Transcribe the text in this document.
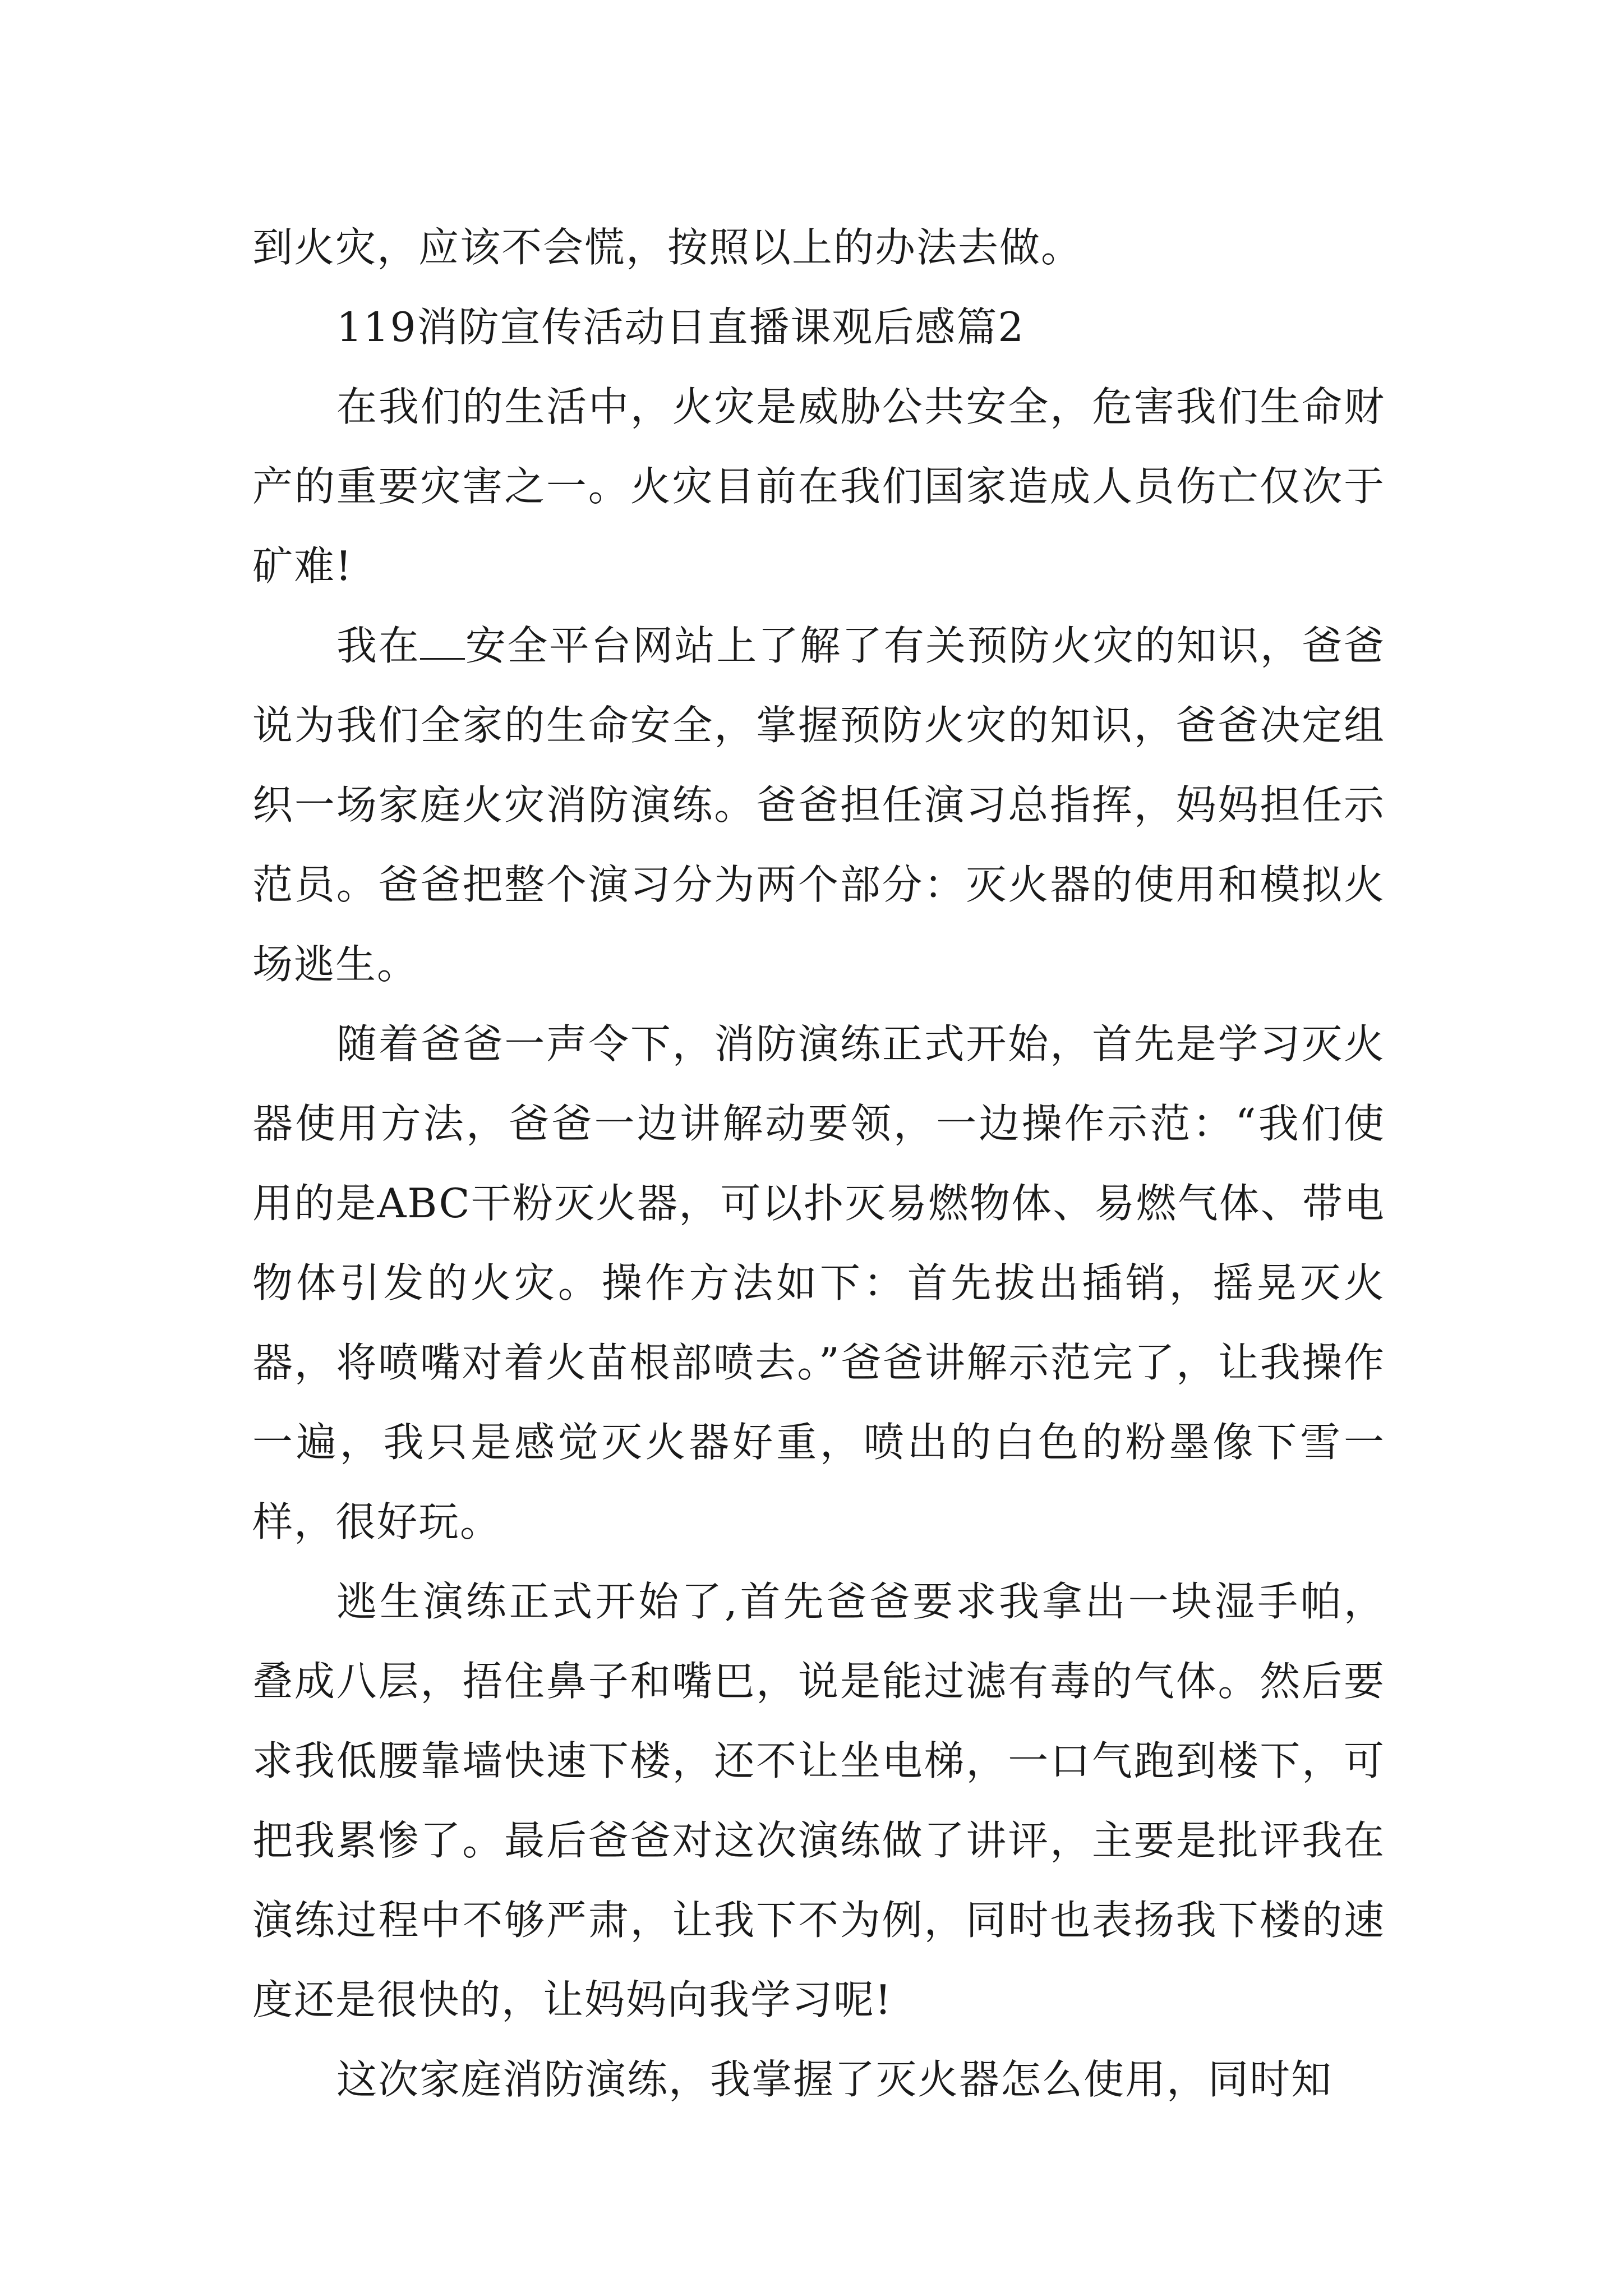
到火灾，应该不会慌，按照以上的办法去做。

119消防宣传活动日直播课观后感篇2

在我们的生活中，火灾是威胁公共安全，危害我们生命财产的重要灾害之一。火灾目前在我们国家造成人员伤亡仅次于矿难!

我在 安全平台网站上了解了有关预防火灾的知识，爸爸说为我们全家的生命安全，掌握预防火灾的知识，爸爸决定组织一场家庭火灾消防演练。爸爸担任演习总指挥，妈妈担任示范员。爸爸把整个演习分为两个部分：灭火器的使用和模拟火场逃生。

随着爸爸一声令下，消防演练正式开始，首先是学习灭火器使用方法，爸爸一边讲解动要领，一边操作示范：“我们使用的是ABC干粉灭火器，可以扑灭易燃物体、易燃气体、带电物体引发的火灾。操作方法如下：首先拔出插销，摇晃灭火器，将喷嘴对着火苗根部喷去。”爸爸讲解示范完了，让我操作一遍，我只是感觉灭火器好重，喷出的白色的粉墨像下雪一样，很好玩。

逃生演练正式开始了,首先爸爸要求我拿出一块湿手帕，叠成八层，捂住鼻子和嘴巴，说是能过滤有毒的气体。然后要求我低腰靠墙快速下楼，还不让坐电梯，一口气跑到楼下，可把我累惨了。最后爸爸对这次演练做了讲评，主要是批评我在演练过程中不够严肃，让我下不为例，同时也表扬我下楼的速度还是很快的，让妈妈向我学习呢!

这次家庭消防演练，我掌握了灭火器怎么使用，同时知
